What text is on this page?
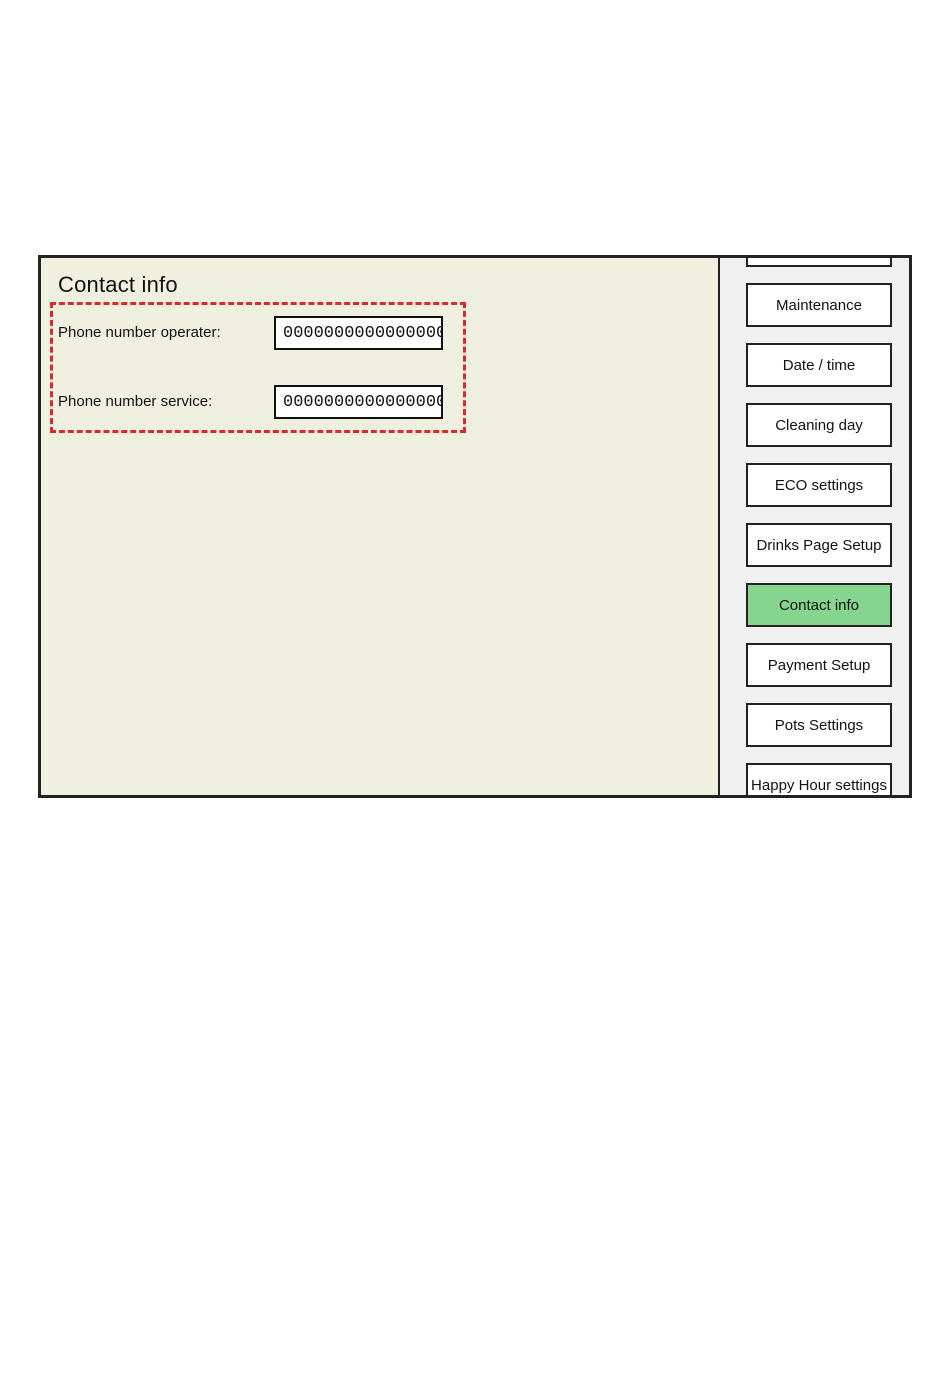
Contact info
Phone number operater:
0000000000000000
Phone number service:
0000000000000000
Maintenance
Date / time
Cleaning day
ECO settings
Drinks Page Setup
Contact info
Payment Setup
Pots Settings
Happy Hour settings
